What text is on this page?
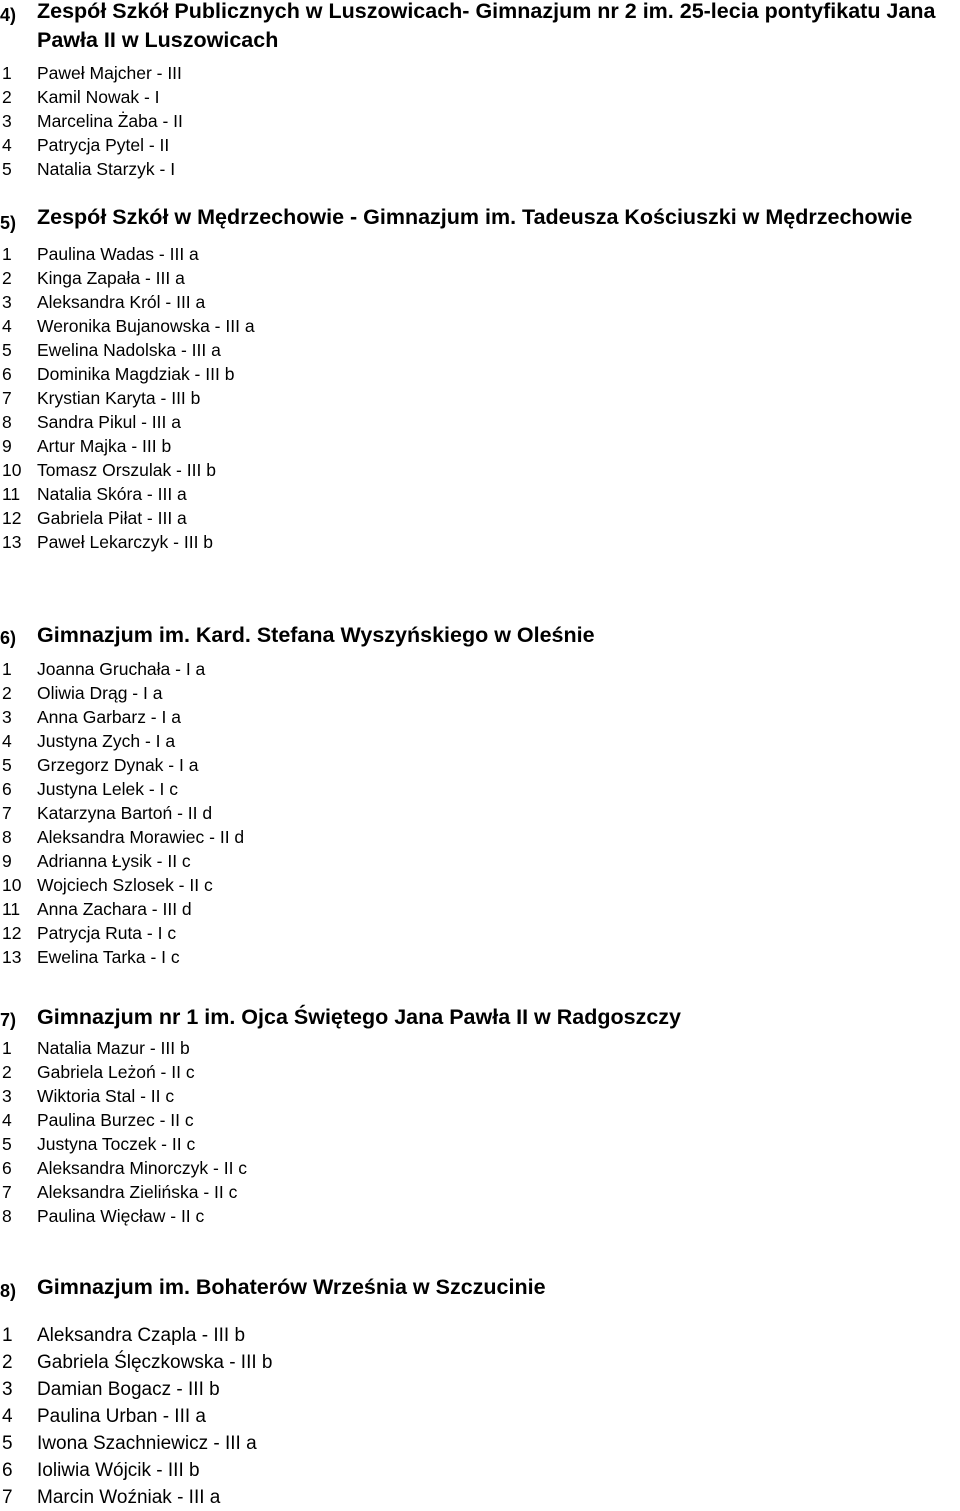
4) Zespół Szkół Publicznych w Luszowicach- Gimnazjum nr 2 im. 25-lecia pontyfikatu Jana Pawła II w Luszowicach
1 Paweł Majcher - III
2 Kamil Nowak - I
3 Marcelina Żaba - II
4 Patrycja Pytel - II
5 Natalia Starzyk - I
5) Zespół Szkół w Mędrzechowie - Gimnazjum im. Tadeusza Kościuszki w Mędrzechowie
1 Paulina Wadas - III a
2 Kinga Zapała - III a
3 Aleksandra Król - III a
4 Weronika Bujanowska - III a
5 Ewelina Nadolska - III a
6 Dominika Magdziak - III b
7 Krystian Karyta - III b
8 Sandra Pikul - III a
9 Artur Majka - III b
10 Tomasz Orszulak - III b
11 Natalia Skóra - III a
12 Gabriela Piłat - III a
13 Paweł Lekarczyk - III b
6) Gimnazjum im. Kard. Stefana Wyszyńskiego w Oleśnie
1 Joanna Gruchała - I a
2 Oliwia Drąg - I a
3 Anna Garbarz - I a
4 Justyna Zych - I a
5 Grzegorz Dynak - I a
6 Justyna Lelek - I c
7 Katarzyna Bartoń - II d
8 Aleksandra Morawiec - II d
9 Adrianna Łysik - II c
10 Wojciech Szlosek - II c
11 Anna Zachara - III d
12 Patrycja Ruta - I c
13 Ewelina Tarka - I c
7) Gimnazjum nr 1 im. Ojca Świętego Jana Pawła II w Radgoszczy
1 Natalia Mazur - III b
2 Gabriela Leżoń - II c
3 Wiktoria Stal - II c
4 Paulina Burzec - II c
5 Justyna Toczek - II c
6 Aleksandra Minorczyk - II c
7 Aleksandra Zielińska - II c
8 Paulina Więcław - II c
8) Gimnazjum im. Bohaterów Września w Szczucinie
1 Aleksandra Czapla - III b
2 Gabriela Ślęczkowska - III b
3 Damian Bogacz - III b
4 Paulina Urban - III a
5 Iwona Szachniewicz - III a
6 Ioliwia Wójcik - III b
7 Marcin Woźniak - III a
